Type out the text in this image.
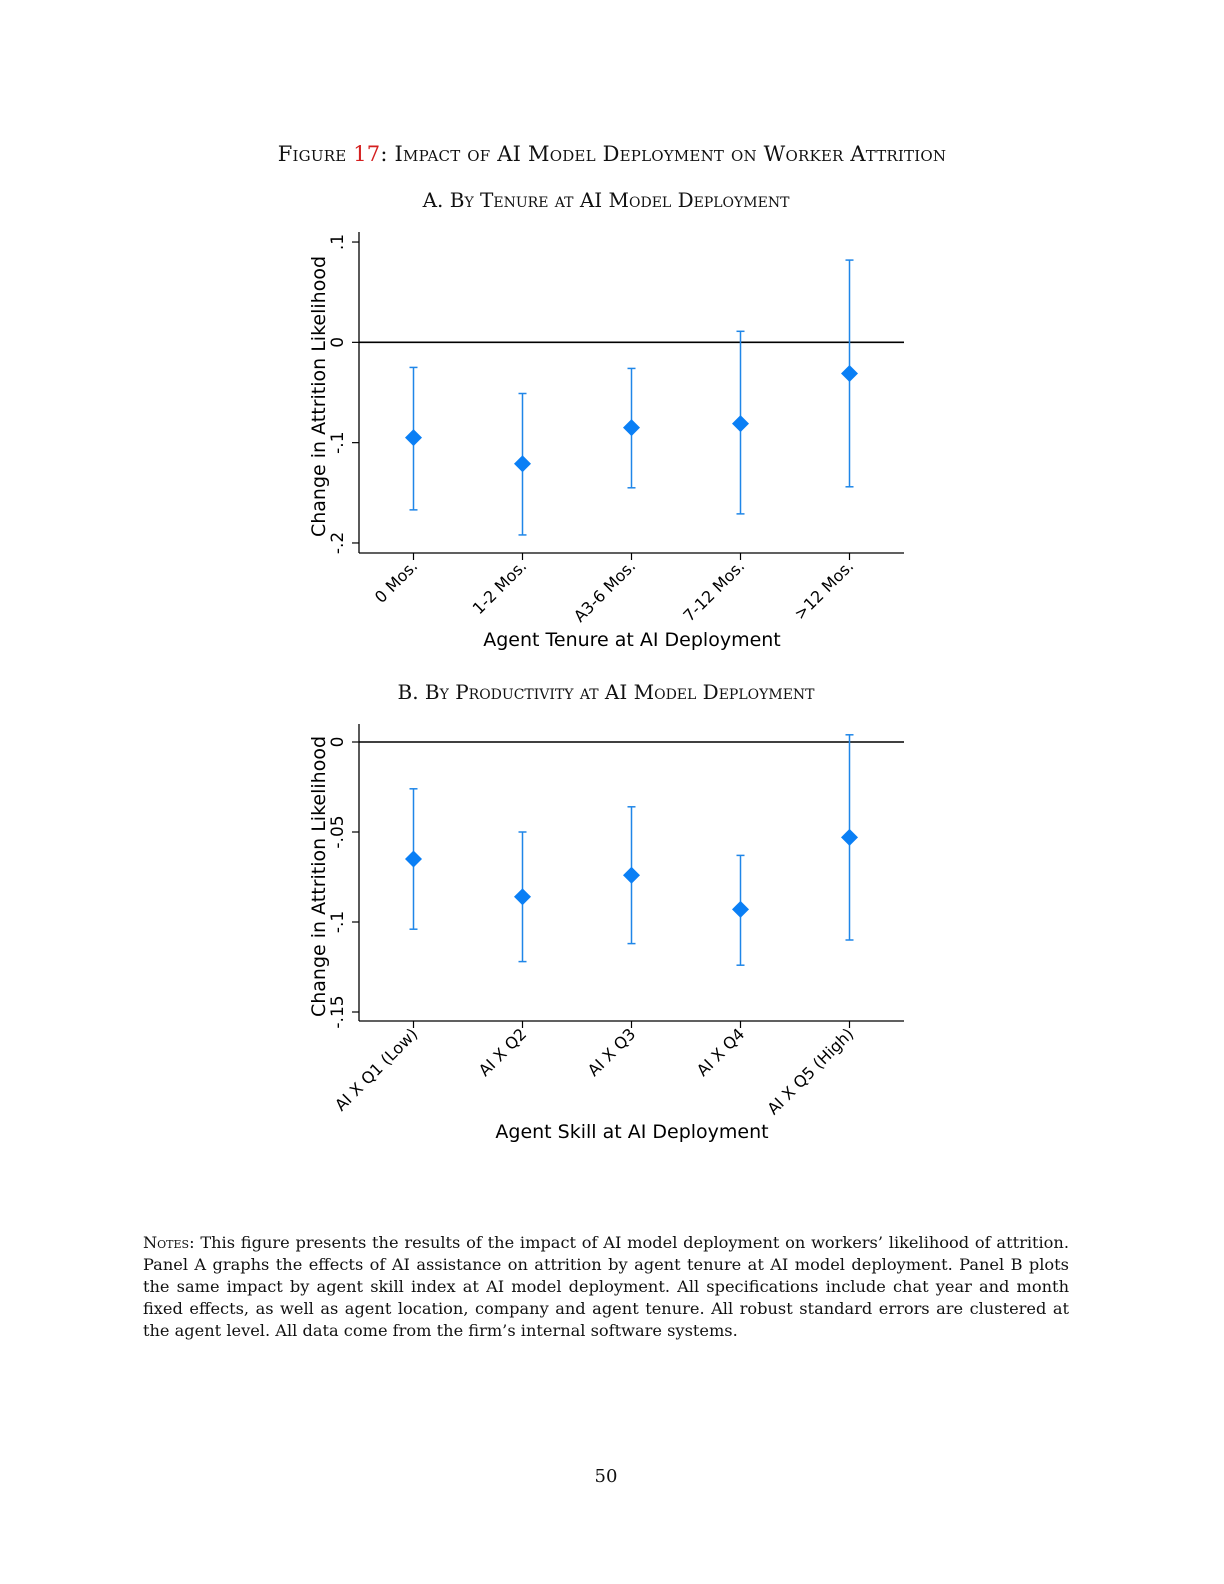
Figure 17: Impact of AI Model Deployment on Worker Attrition
A. By Tenure at AI Model Deployment
-.2
-.1
0
.1
Change in Attrition Likelihood
0 Mos.	1-2 Mos. A3-6 Mos.	7-12 Mos.	>12 Mos.
Agent Tenure at AI Deployment
B. By Productivity at AI Model Deployment
-.15
-.1
-.05
0
Change in Attrition Likelihood
AI X Q1 (Low)	AI X Q2	AI X Q3	AI X Q4 AI X Q5 (High)
Agent Skill at AI Deployment
Notes: This figure presents the results of the impact of AI model deployment on workers’ likelihood of attrition. Panel A graphs the effects of AI assistance on attrition by agent tenure at AI model deployment. Panel B plots the same impact by agent skill index at AI model deployment. All specifications include chat year and month fixed effects, as well as agent location, company and agent tenure. All robust standard errors are clustered at the agent level. All data come from the firm’s internal software systems.
50
